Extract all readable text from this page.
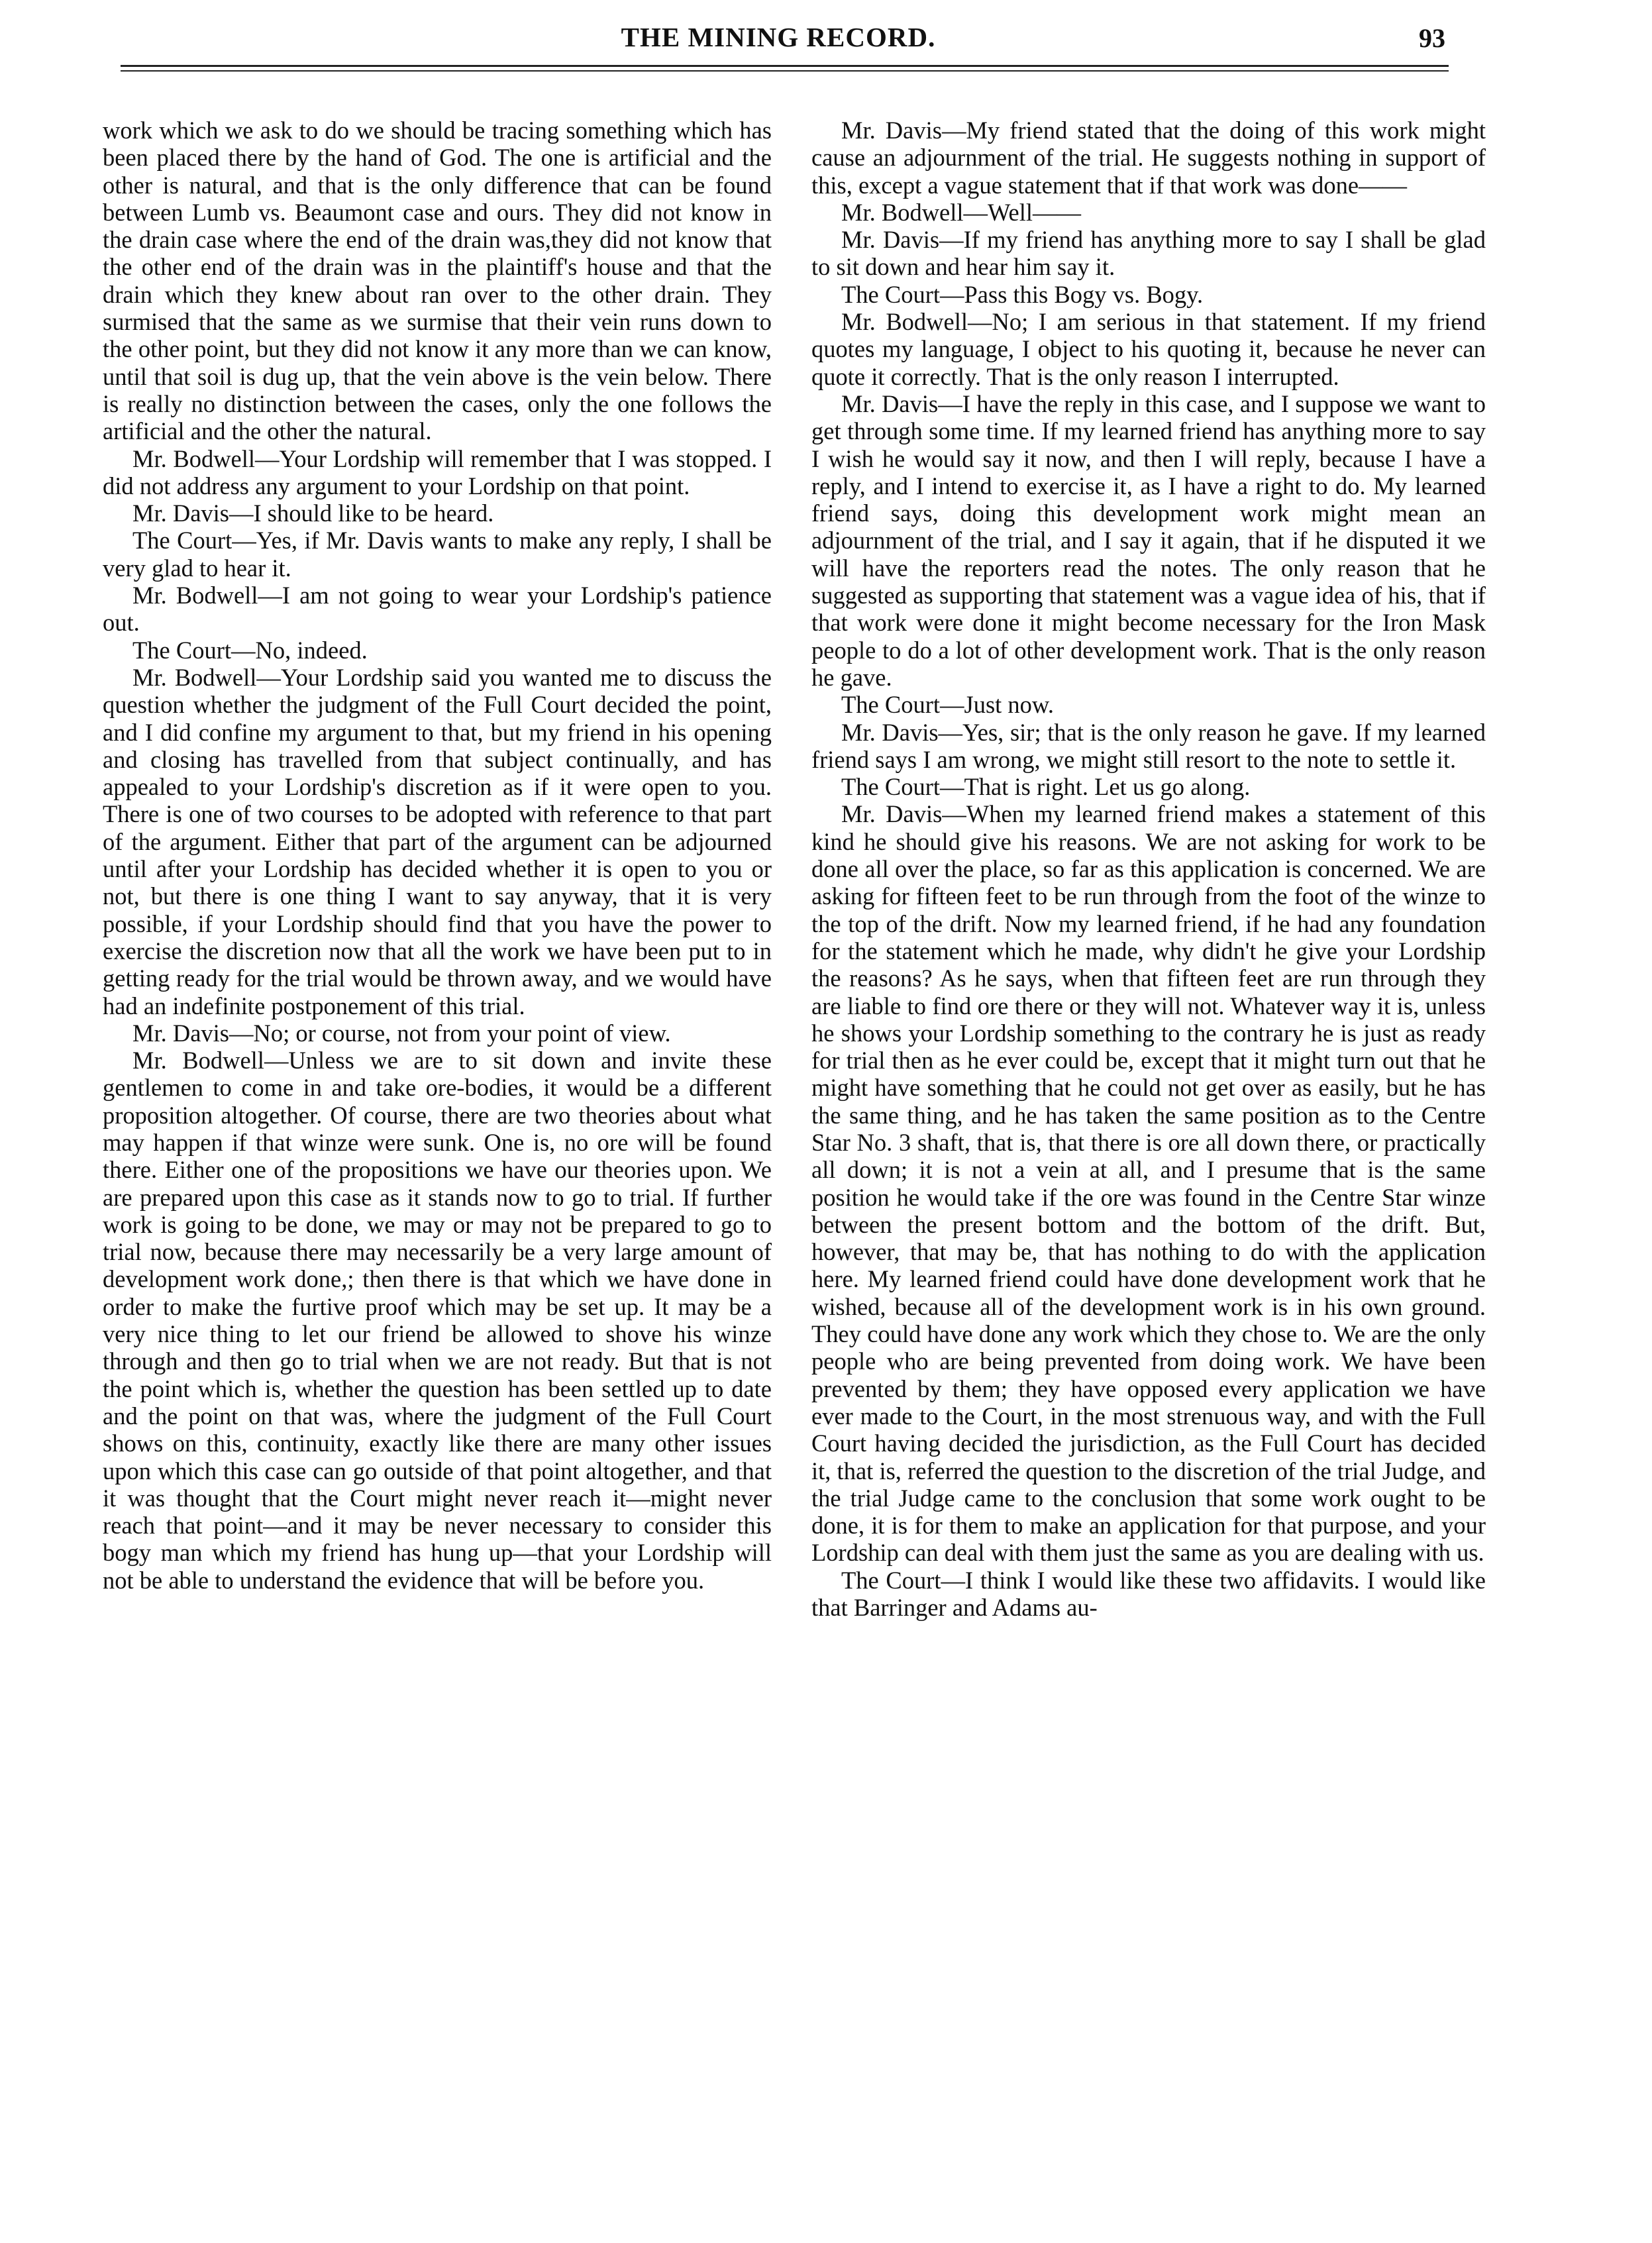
THE MINING RECORD.	93

work which we ask to do we should be tracing something which has been placed there by the hand of God. The one is artificial and the other is natural, and that is the only difference that can be found between Lumb vs. Beaumont case and ours. They did not know in the drain case where the end of the drain was,they did not know that the other end of the drain was in the plaintiff's house and that the drain which they knew about ran over to the other drain. They surmised that the same as we surmise that their vein runs down to the other point, but they did not know it any more than we can know, until that soil is dug up, that the vein above is the vein below. There is really no distinction between the cases, only the one follows the artificial and the other the natural.

Mr. Bodwell—Your Lordship will remember that I was stopped. I did not address any argument to your Lordship on that point.

Mr. Davis—I should like to be heard.

The Court—Yes, if Mr. Davis wants to make any reply, I shall be very glad to hear it.

Mr. Bodwell—I am not going to wear your Lordship's patience out.

The Court—No, indeed.

Mr. Bodwell—Your Lordship said you wanted me to discuss the question whether the judgment of the Full Court decided the point, and I did confine my argument to that, but my friend in his opening and closing has travelled from that subject continually, and has appealed to your Lordship's discretion as if it were open to you. There is one of two courses to be adopted with reference to that part of the argument. Either that part of the argument can be adjourned until after your Lordship has decided whether it is open to you or not, but there is one thing I want to say anyway, that it is very possible, if your Lordship should find that you have the power to exercise the discretion now that all the work we have been put to in getting ready for the trial would be thrown away, and we would have had an indefinite postponement of this trial.

Mr. Davis—No; or course, not from your point of view.

Mr. Bodwell—Unless we are to sit down and invite these gentlemen to come in and take ore-bodies, it would be a different proposition altogether. Of course, there are two theories about what may happen if that winze were sunk. One is, no ore will be found there. Either one of the propositions we have our theories upon. We are prepared upon this case as it stands now to go to trial. If further work is going to be done, we may or may not be prepared to go to trial now, because there may necessarily be a very large amount of development work done,; then there is that which we have done in order to make the furtive proof which may be set up. It may be a very nice thing to let our friend be allowed to shove his winze through and then go to trial when we are not ready. But that is not the point which is, whether the question has been settled up to date and the point on that was, where the judgment of the Full Court shows on this, continuity, exactly like there are many other issues upon which this case can go outside of that point altogether, and that it was thought that the Court might never reach it—might never reach that point—and it may be never necessary to consider this bogy man which my friend has hung up—that your Lordship will not be able to understand the evidence that will be before you.

Mr. Davis—My friend stated that the doing of this work might cause an adjournment of the trial. He suggests nothing in support of this, except a vague statement that if that work was done——

Mr. Bodwell—Well——

Mr. Davis—If my friend has anything more to say I shall be glad to sit down and hear him say it.

The Court—Pass this Bogy vs. Bogy.

Mr. Bodwell—No; I am serious in that statement. If my friend quotes my language, I object to his quoting it, because he never can quote it correctly. That is the only reason I interrupted.

Mr. Davis—I have the reply in this case, and I suppose we want to get through some time. If my learned friend has anything more to say I wish he would say it now, and then I will reply, because I have a reply, and I intend to exercise it, as I have a right to do. My learned friend says, doing this development work might mean an adjournment of the trial, and I say it again, that if he disputed it we will have the reporters read the notes. The only reason that he suggested as supporting that statement was a vague idea of his, that if that work were done it might become necessary for the Iron Mask people to do a lot of other development work. That is the only reason he gave.

The Court—Just now.

Mr. Davis—Yes, sir; that is the only reason he gave. If my learned friend says I am wrong, we might still resort to the note to settle it.

The Court—That is right. Let us go along.

Mr. Davis—When my learned friend makes a statement of this kind he should give his reasons. We are not asking for work to be done all over the place, so far as this application is concerned. We are asking for fifteen feet to be run through from the foot of the winze to the top of the drift. Now my learned friend, if he had any foundation for the statement which he made, why didn't he give your Lordship the reasons? As he says, when that fifteen feet are run through they are liable to find ore there or they will not. Whatever way it is, unless he shows your Lordship something to the contrary he is just as ready for trial then as he ever could be, except that it might turn out that he might have something that he could not get over as easily, but he has the same thing, and he has taken the same position as to the Centre Star No. 3 shaft, that is, that there is ore all down there, or practically all down; it is not a vein at all, and I presume that is the same position he would take if the ore was found in the Centre Star winze between the present bottom and the bottom of the drift. But, however, that may be, that has nothing to do with the application here. My learned friend could have done development work that he wished, because all of the development work is in his own ground. They could have done any work which they chose to. We are the only people who are being prevented from doing work. We have been prevented by them; they have opposed every application we have ever made to the Court, in the most strenuous way, and with the Full Court having decided the jurisdiction, as the Full Court has decided it, that is, referred the question to the discretion of the trial Judge, and the trial Judge came to the conclusion that some work ought to be done, it is for them to make an application for that purpose, and your Lordship can deal with them just the same as you are dealing with us.

The Court—I think I would like these two affidavits. I would like that Barringer and Adams au-
